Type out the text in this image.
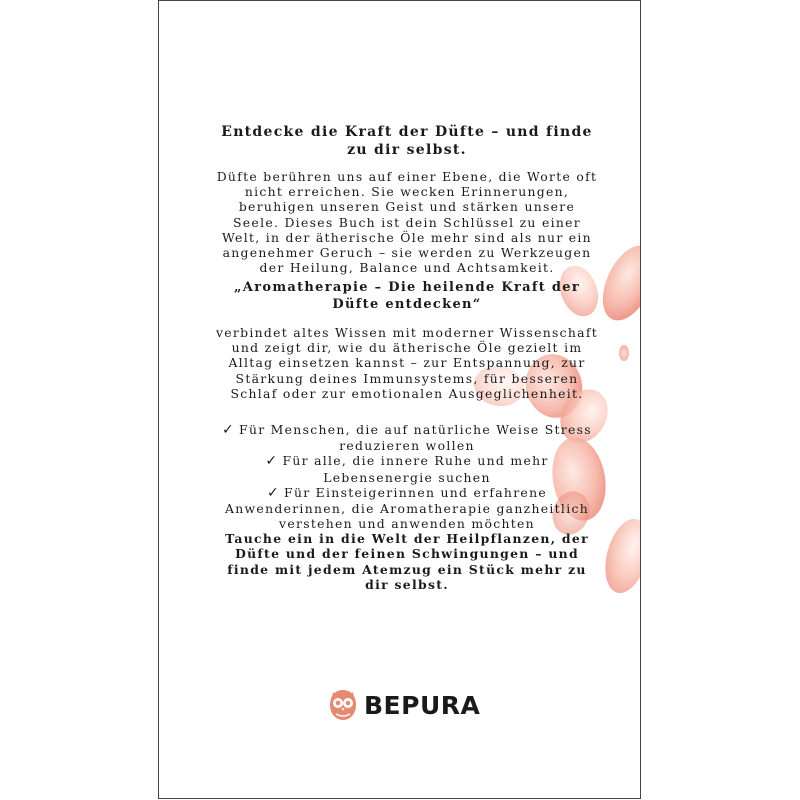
Entdecke die Kraft der Düfte – und finde zu dir selbst.
Düfte berühren uns auf einer Ebene, die Worte oft nicht erreichen. Sie wecken Erinnerungen, beruhigen unseren Geist und stärken unsere Seele. Dieses Buch ist dein Schlüssel zu einer Welt, in der ätherische Öle mehr sind als nur ein angenehmer Geruch – sie werden zu Werkzeugen der Heilung, Balance und Achtsamkeit.
„Aromatherapie – Die heilende Kraft der Düfte entdecken“
verbindet altes Wissen mit moderner Wissenschaft und zeigt dir, wie du ätherische Öle gezielt im Alltag einsetzen kannst – zur Entspannung, zur Stärkung deines Immunsystems, für besseren Schlaf oder zur emotionalen Ausgeglichenheit.
✓ Für Menschen, die auf natürliche Weise Stress reduzieren wollen
✓ Für alle, die innere Ruhe und mehr Lebensenergie suchen
✓ Für Einsteigerinnen und erfahrene Anwenderinnen, die Aromatherapie ganzheitlich verstehen und anwenden möchten
Tauche ein in die Welt der Heilpflanzen, der Düfte und der feinen Schwingungen – und finde mit jedem Atemzug ein Stück mehr zu dir selbst.
BEPURA
